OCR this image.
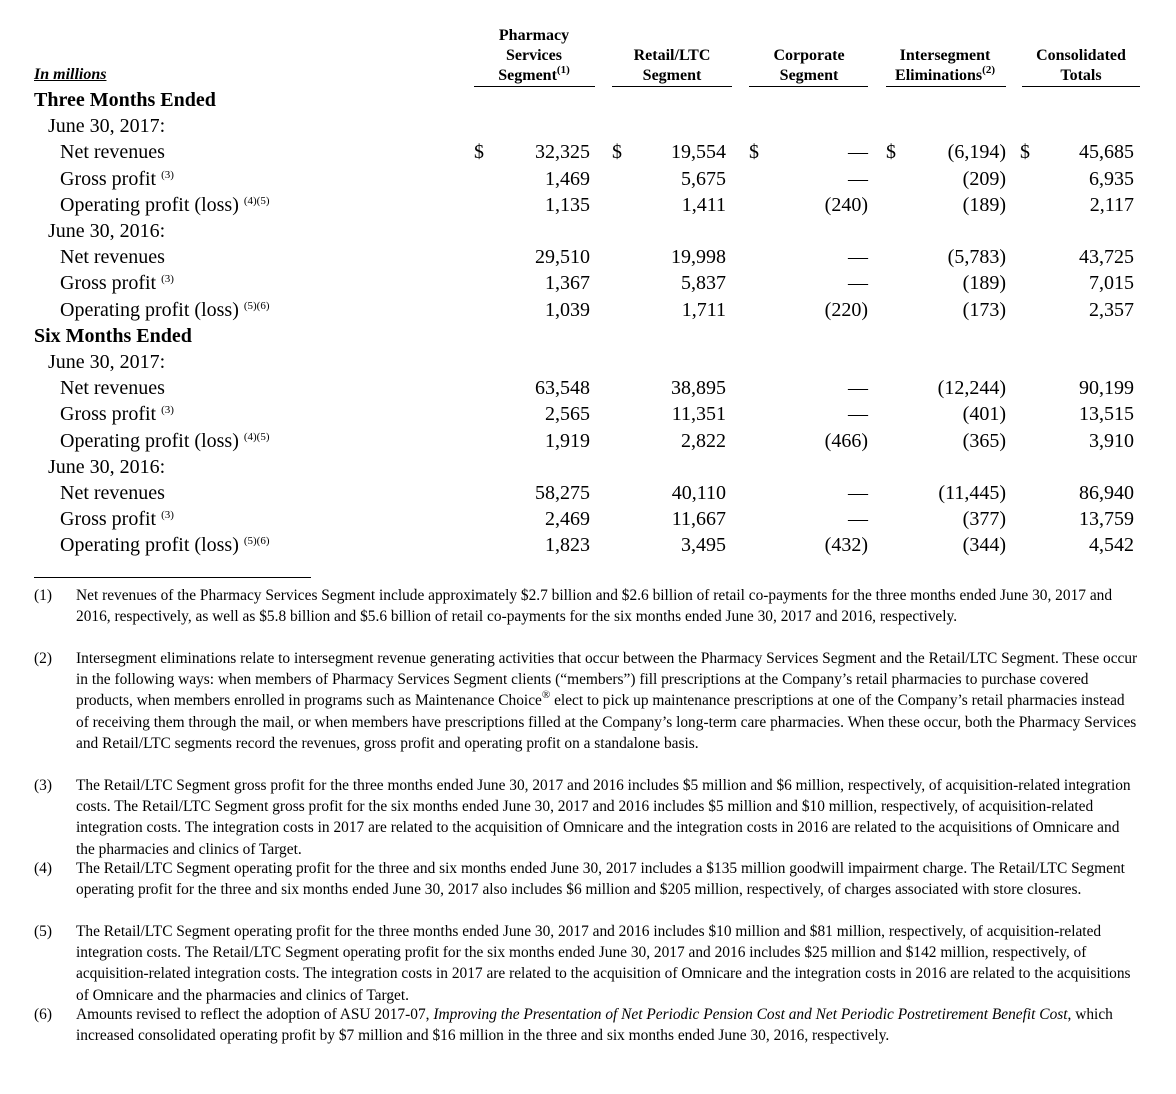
In millions
Pharmacy
Services
Segment$^{(1)}$
Retail/LTC
Segment
Corporate
Segment
Intersegment
Eliminations$^{(2)}$
Consolidated
Totals
Three Months Ended
June 30, 2017:
Net revenues	$	32,325 $	19,554 $	— $	(6,194) $	45,685
Gross profit $^{(3)}$	1,469	5,675	—	(209)	6,935
Operating profit (loss) $^{(4)(5)}$	1,135	1,411	(240)	(189)	2,117
June 30, 2016:
Net revenues	29,510	19,998	—	(5,783)	43,725
Gross profit $^{(3)}$	1,367	5,837	—	(189)	7,015
Operating profit (loss) $^{(5)(6)}$	1,039	1,711	(220)	(173)	2,357
Six Months Ended
June 30, 2017:
Net revenues	63,548	38,895	—	(12,244)	90,199
Gross profit $^{(3)}$	2,565	11,351	—	(401)	13,515
Operating profit (loss) $^{(4)(5)}$	1,919	2,822	(466)	(365)	3,910
June 30, 2016:
Net revenues	58,275	40,110	—	(11,445)	86,940
Gross profit $^{(3)}$	2,469	11,667	—	(377)	13,759
Operating profit (loss) $^{(5)(6)}$	1,823	3,495	(432)	(344)	4,542
(1) Net revenues of the Pharmacy Services Segment include approximately $2.7 billion and $2.6 billion of retail co-payments for the three months ended June 30, 2017 and 2016, respectively, as well as $5.8 billion and $5.6 billion of retail co-payments for the six months ended June 30, 2017 and 2016, respectively.
(2) Intersegment eliminations relate to intersegment revenue generating activities that occur between the Pharmacy Services Segment and the Retail/LTC Segment. These occur in the following ways: when members of Pharmacy Services Segment clients (“members”) fill prescriptions at the Company’s retail pharmacies to purchase covered products, when members enrolled in programs such as Maintenance Choice® elect to pick up maintenance prescriptions at one of the Company’s retail pharmacies instead of receiving them through the mail, or when members have prescriptions filled at the Company’s long-term care pharmacies. When these occur, both the Pharmacy Services and Retail/LTC segments record the revenues, gross profit and operating profit on a standalone basis.
(3) The Retail/LTC Segment gross profit for the three months ended June 30, 2017 and 2016 includes $5 million and $6 million, respectively, of acquisition-related integration costs. The Retail/LTC Segment gross profit for the six months ended June 30, 2017 and 2016 includes $5 million and $10 million, respectively, of acquisition-related integration costs. The integration costs in 2017 are related to the acquisition of Omnicare and the integration costs in 2016 are related to the acquisitions of Omnicare and the pharmacies and clinics of Target.
(4) The Retail/LTC Segment operating profit for the three and six months ended June 30, 2017 includes a $135 million goodwill impairment charge. The Retail/LTC Segment operating profit for the three and six months ended June 30, 2017 also includes $6 million and $205 million, respectively, of charges associated with store closures.
(5) The Retail/LTC Segment operating profit for the three months ended June 30, 2017 and 2016 includes $10 million and $81 million, respectively, of acquisition-related integration costs. The Retail/LTC Segment operating profit for the six months ended June 30, 2017 and 2016 includes $25 million and $142 million, respectively, of acquisition-related integration costs. The integration costs in 2017 are related to the acquisition of Omnicare and the integration costs in 2016 are related to the acquisitions of Omnicare and the pharmacies and clinics of Target.
(6) Amounts revised to reflect the adoption of ASU 2017-07, Improving the Presentation of Net Periodic Pension Cost and Net Periodic Postretirement Benefit Cost, which increased consolidated operating profit by $7 million and $16 million in the three and six months ended June 30, 2016, respectively.
